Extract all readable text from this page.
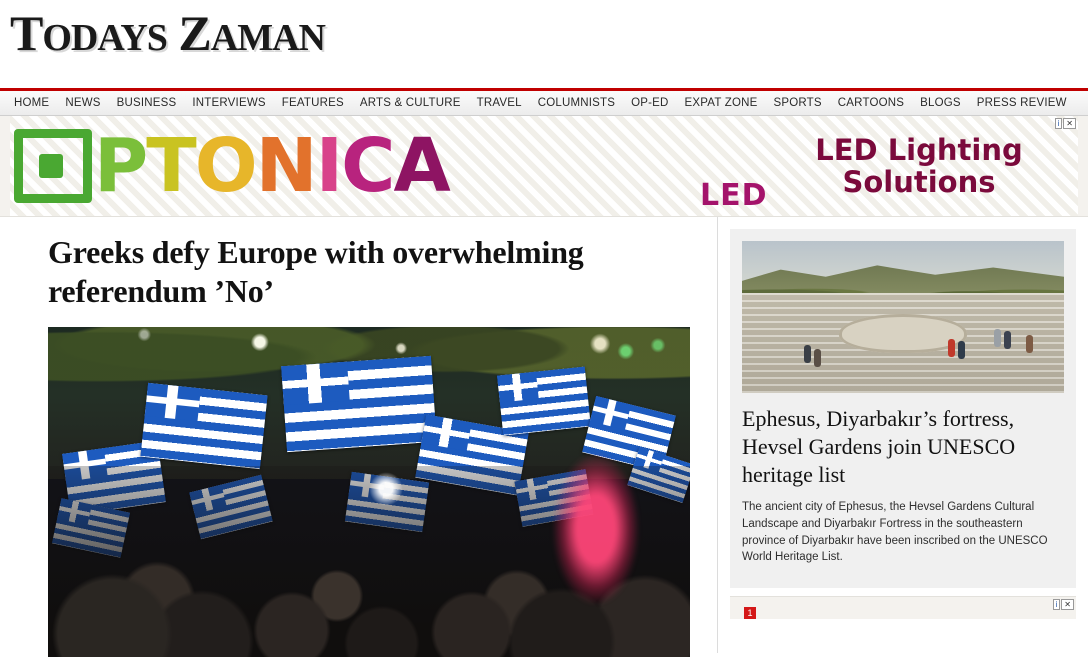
TODAYS ZAMAN
HOME	NEWS	BUSINESS	INTERVIEWS	FEATURES	ARTS & CULTURE	TRAVEL	COLUMNISTS	OP-ED	EXPAT ZONE	SPORTS	CARTOONS	BLOGS	PRESS REVIEW
P T O N I C A	LED
LED Lighting
Solutions
i ✕
Greeks defy Europe with overwhelming referendum ’No’
Ephesus, Diyarbakır’s fortress, Hevsel Gardens join UNESCO heritage list

The ancient city of Ephesus, the Hevsel Gardens Cultural Landscape and Diyarbakır Fortress in the southeastern province of Diyarbakır have been inscribed on the UNESCO World Heritage List.

i ✕
1
